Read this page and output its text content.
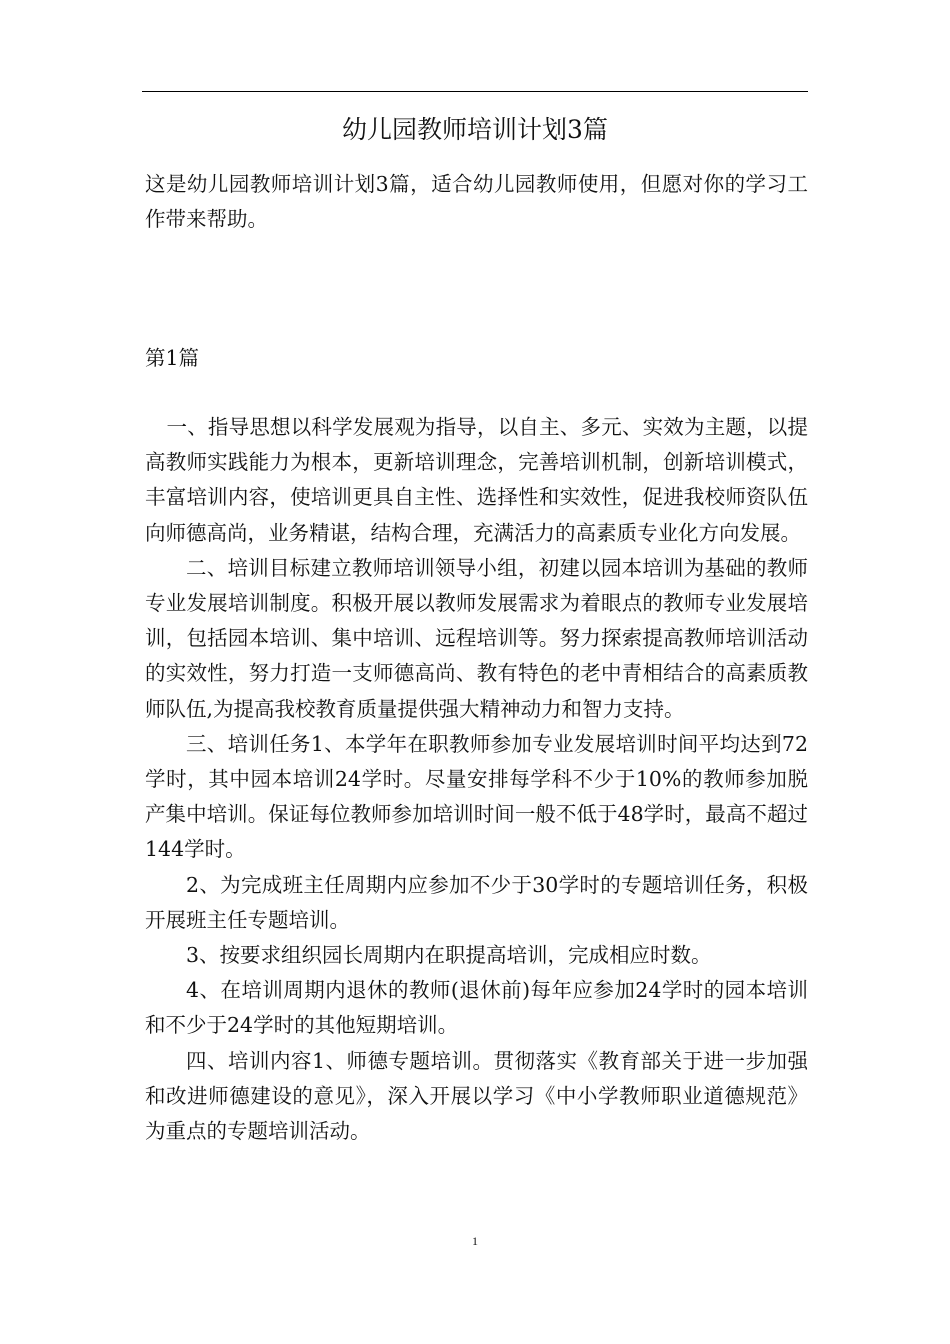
幼儿园教师培训计划3篇

这是幼儿园教师培训计划3篇，适合幼儿园教师使用，但愿对你的学习工作带来帮助。

第1篇

一、指导思想以科学发展观为指导，以自主、多元、实效为主题，以提高教师实践能力为根本，更新培训理念，完善培训机制，创新培训模式，丰富培训内容，使培训更具自主性、选择性和实效性，促进我校师资队伍向师德高尚，业务精谌，结构合理，充满活力的高素质专业化方向发展。

二、培训目标建立教师培训领导小组，初建以园本培训为基础的教师专业发展培训制度。积极开展以教师发展需求为着眼点的教师专业发展培训，包括园本培训、集中培训、远程培训等。努力探索提高教师培训活动的实效性，努力打造一支师德高尚、教有特色的老中青相结合的高素质教师队伍,为提高我校教育质量提供强大精神动力和智力支持。

三、培训任务1、本学年在职教师参加专业发展培训时间平均达到72学时，其中园本培训24学时。尽量安排每学科不少于10%的教师参加脱产集中培训。保证每位教师参加培训时间一般不低于48学时，最高不超过144学时。

2、为完成班主任周期内应参加不少于30学时的专题培训任务，积极开展班主任专题培训。

3、按要求组织园长周期内在职提高培训，完成相应时数。

4、在培训周期内退休的教师(退休前)每年应参加24学时的园本培训和不少于24学时的其他短期培训。

四、培训内容1、师德专题培训。贯彻落实《教育部关于进一步加强和改进师德建设的意见》，深入开展以学习《中小学教师职业道德规范》为重点的专题培训活动。

1
